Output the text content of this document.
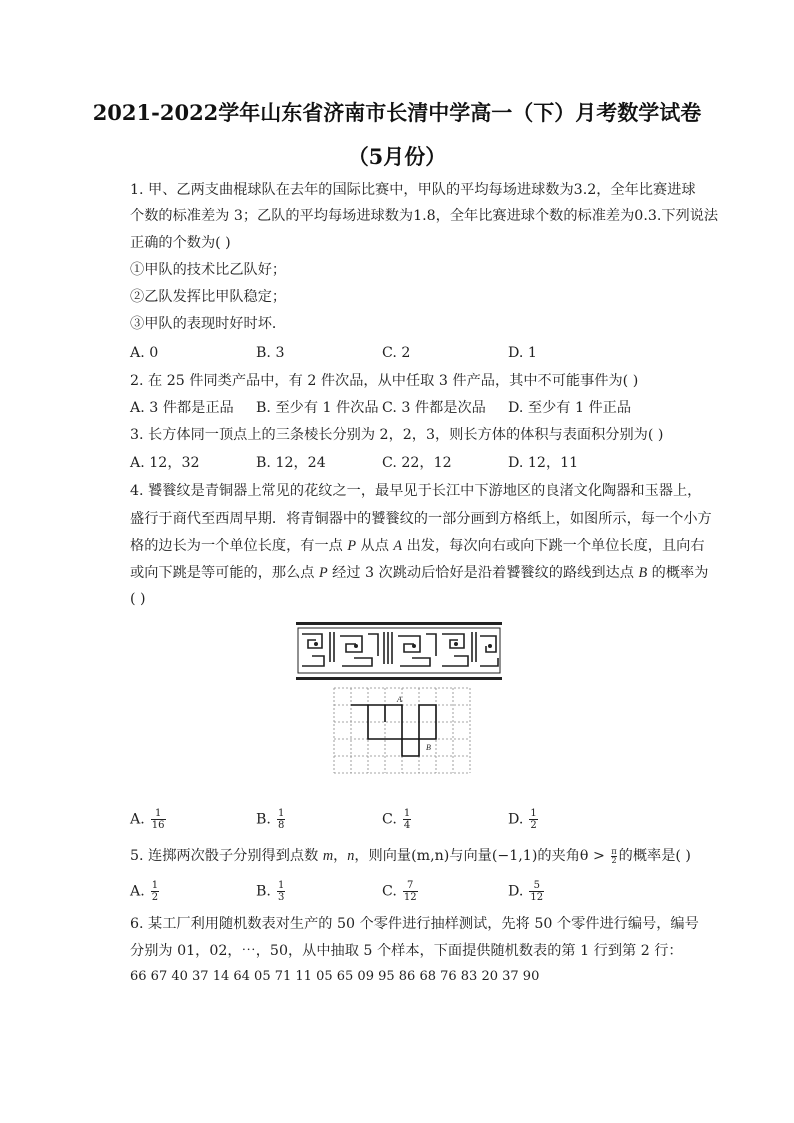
2021-2022学年山东省济南市长清中学高一（下）月考数学试卷
（5月份）
1. 甲、乙两支曲棍球队在去年的国际比赛中，甲队的平均每场进球数为3.2，全年比赛进球
个数的标准差为 3；乙队的平均每场进球数为1.8，全年比赛进球个数的标准差为0.3.下列说法
正确的个数为( )
①甲队的技术比乙队好；
②乙队发挥比甲队稳定；
③甲队的表现时好时坏．
A. 0	B. 3	C. 2	D. 1
2. 在 25 件同类产品中，有 2 件次品，从中任取 3 件产品，其中不可能事件为( )
A. 3 件都是正品 B. 至少有 1 件次品 C. 3 件都是次品 D. 至少有 1 件正品
3. 长方体同一顶点上的三条棱长分别为 2，2，3，则长方体的体积与表面积分别为( )
A. 12，32	B. 12，24	C. 22，12	D. 12，11
4. 饕餮纹是青铜器上常见的花纹之一，最早见于长江中下游地区的良渚文化陶器和玉器上，
盛行于商代至西周早期．将青铜器中的饕餮纹的一部分画到方格纸上，如图所示，每一个小方
格的边长为一个单位长度，有一点 P 从点 A 出发，每次向右或向下跳一个单位长度，且向右
或向下跳是等可能的，那么点 P 经过 3 次跳动后恰好是沿着饕餮纹的路线到达点 B 的概率为
( )
A
B
A. $\frac{1}{16}$	B. $\frac{1}{8}$	C. $\frac{1}{4}$	D. $\frac{1}{2}$
5. 连掷两次骰子分别得到点数 m，n，则向量(m,n)与向量(−1,1)的夹角$\theta > \frac{\pi}{2}$ 的概率是( )
A. $\frac{1}{2}$	B. $\frac{1}{3}$	C. $\frac{7}{12}$	D. $\frac{5}{12}$
6. 某工厂利用随机数表对生产的 50 个零件进行抽样测试，先将 50 个零件进行编号，编号
分别为 01，02，⋯，50，从中抽取 5 个样本，下面提供随机数表的第 1 行到第 2 行：
66 67 40 37 14 64 05 71 11 05 65 09 95 86 68 76 83 20 37 90
